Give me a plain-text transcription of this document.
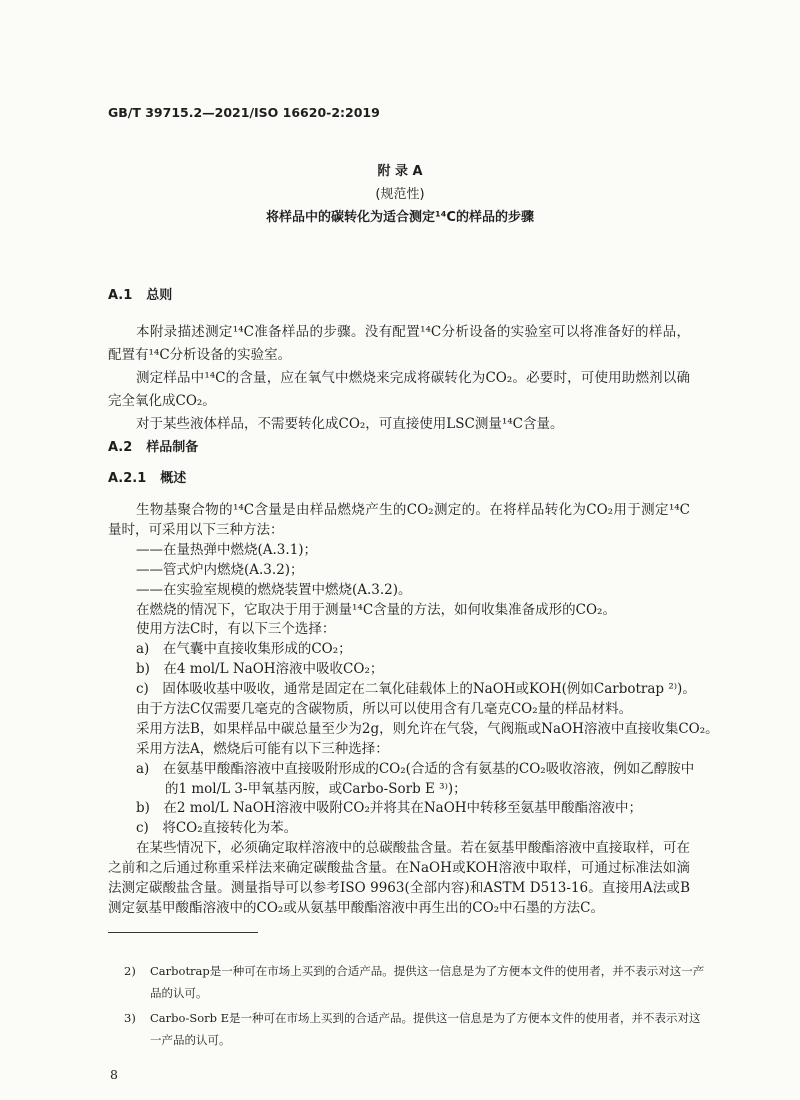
GB/T 39715.2—2021/ISO 16620-2:2019
附 录 A
(规范性)
将样品中的碳转化为适合测定¹⁴C的样品的步骤
A.1 总则
本附录描述测定¹⁴C准备样品的步骤。没有配置¹⁴C分析设备的实验室可以将准备好的样品，
配置有¹⁴C分析设备的实验室。
测定样品中¹⁴C的含量，应在氧气中燃烧来完成将碳转化为CO₂。必要时，可使用助燃剂以确
完全氧化成CO₂。
对于某些液体样品，不需要转化成CO₂，可直接使用LSC测量¹⁴C含量。
A.2 样品制备
A.2.1 概述
生物基聚合物的¹⁴C含量是由样品燃烧产生的CO₂测定的。在将样品转化为CO₂用于测定¹⁴C
量时，可采用以下三种方法：
——在量热弹中燃烧(A.3.1)；
——管式炉内燃烧(A.3.2)；
——在实验室规模的燃烧装置中燃烧(A.3.2)。
在燃烧的情况下，它取决于用于测量¹⁴C含量的方法，如何收集准备成形的CO₂。
使用方法C时，有以下三个选择：
a)　在气囊中直接收集形成的CO₂；
b)　在4 mol/L NaOH溶液中吸收CO₂；
c)　固体吸收基中吸收，通常是固定在二氧化硅载体上的NaOH或KOH(例如Carbotrap ²⁾)。
由于方法C仅需要几毫克的含碳物质，所以可以使用含有几毫克CO₂量的样品材料。
采用方法B，如果样品中碳总量至少为2g，则允许在气袋，气阀瓶或NaOH溶液中直接收集CO₂。
采用方法A，燃烧后可能有以下三种选择：
a)　在氨基甲酸酯溶液中直接吸附形成的CO₂(合适的含有氨基的CO₂吸收溶液，例如乙醇胺中
的1 mol/L 3-甲氧基丙胺，或Carbo-Sorb E ³⁾)；
b)　在2 mol/L NaOH溶液中吸附CO₂并将其在NaOH中转移至氨基甲酸酯溶液中；
c)　将CO₂直接转化为苯。
在某些情况下，必须确定取样溶液中的总碳酸盐含量。若在氨基甲酸酯溶液中直接取样，可在
之前和之后通过称重采样法来确定碳酸盐含量。在NaOH或KOH溶液中取样，可通过标准法如滴
法测定碳酸盐含量。测量指导可以参考ISO 9963(全部内容)和ASTM D513-16。直接用A法或B
测定氨基甲酸酯溶液中的CO₂或从氨基甲酸酯溶液中再生出的CO₂中石墨的方法C。
2) Carbotrap是一种可在市场上买到的合适产品。提供这一信息是为了方便本文件的使用者，并不表示对这一产
品的认可。
3) Carbo-Sorb E是一种可在市场上买到的合适产品。提供这一信息是为了方便本文件的使用者，并不表示对这
一产品的认可。
8
